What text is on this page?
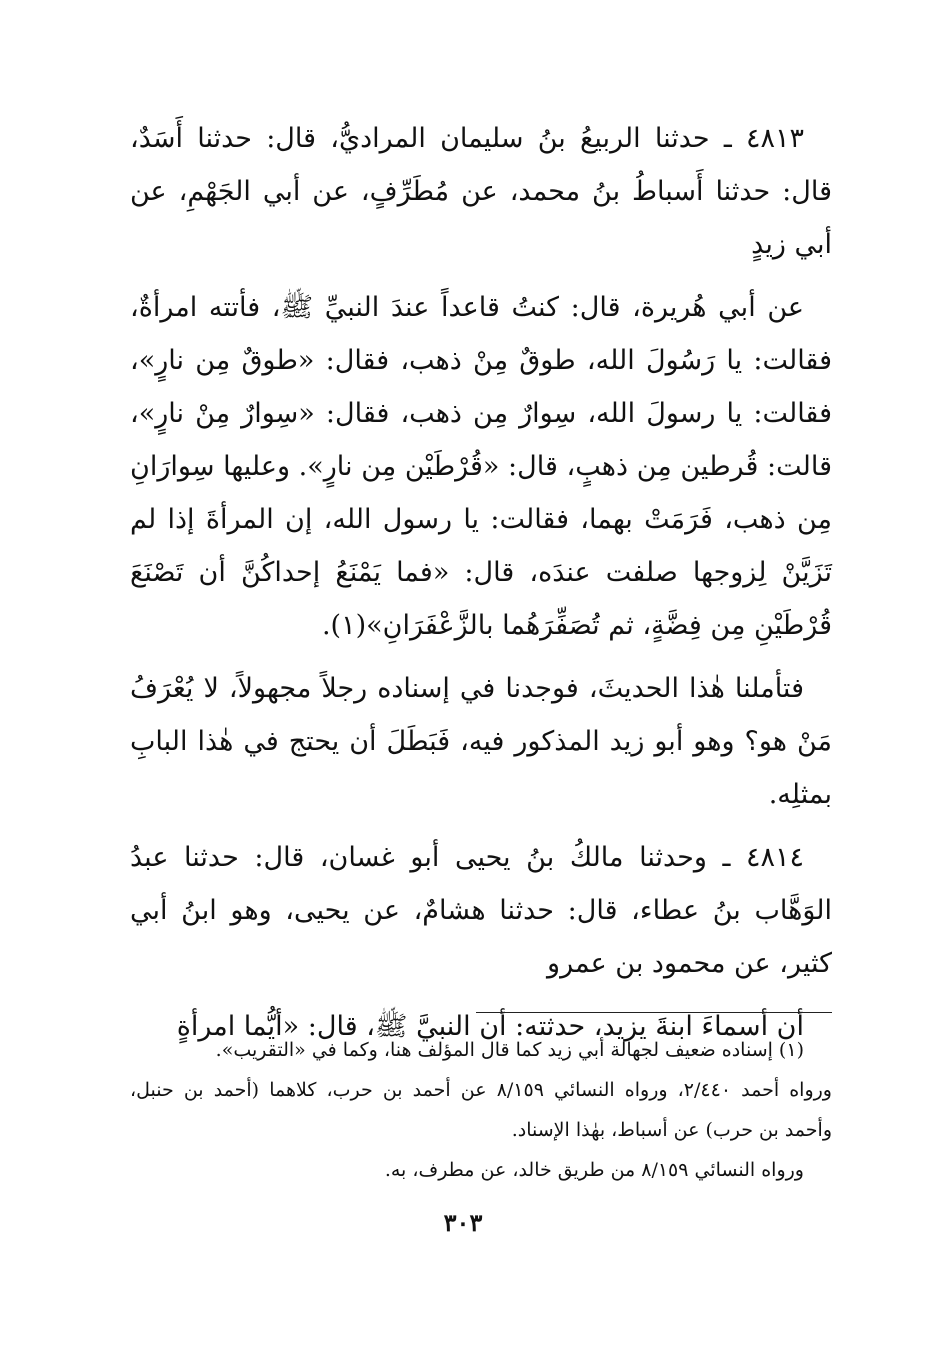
٤٨١٣ ـ حدثنا الربيعُ بنُ سليمان المراديُّ، قال: حدثنا أَسَدٌ، قال: حدثنا أَسباطُ بنُ محمد، عن مُطَرِّفٍ، عن أبي الجَهْمِ، عن أبي زيدٍ

عن أبي هُريرة، قال: كنتُ قاعداً عندَ النبيِّ ﷺ، فأتته امرأةٌ، فقالت: يا رَسُولَ الله، طوقٌ مِنْ ذهب، فقال: «طوقٌ مِن نارٍ»، فقالت: يا رسولَ الله، سِوارٌ مِن ذهب، فقال: «سِوارٌ مِنْ نارٍ»، قالت: قُرطين مِن ذهبٍ، قال: «قُرْطَيْن مِن نارٍ». وعليها سِوارَانِ مِن ذهب، فَرَمَتْ بهما، فقالت: يا رسول الله، إن المرأةَ إذا لم تَزَيَّنْ لِزوجها صلفت عندَه، قال: «فما يَمْنَعُ إحداكُنَّ أن تَصْنَعَ قُرْطَيْنِ مِن فِضَّةٍ، ثم تُصَفِّرَهُما بالزَّعْفَرَانِ»(١).

فتأملنا هٰذا الحديثَ، فوجدنا في إسناده رجلاً مجهولاً، لا يُعْرَفُ مَنْ هو؟ وهو أبو زيد المذكور فيه، فَبَطَلَ أن يحتج في هٰذا البابِ بمثلِه.

٤٨١٤ ـ وحدثنا مالكُ بنُ يحيى أبو غسان، قال: حدثنا عبدُ الوَهَّاب بنُ عطاء، قال: حدثنا هشامٌ، عن يحيى، وهو ابنُ أبي كثير، عن محمود بن عمرو

أن أسماءَ ابنةَ يزيد، حدثته: أن النبيَّ ﷺ، قال: «أيُّما امرأةٍ

(١) إسناده ضعيف لجهالة أبي زيد كما قال المؤلف هنا، وكما في «التقريب».

ورواه أحمد ٢/٤٤٠، ورواه النسائي ٨/١٥٩ عن أحمد بن حرب، كلاهما (أحمد بن حنبل، وأحمد بن حرب) عن أسباط، بهٰذا الإسناد.

ورواه النسائي ٨/١٥٩ من طريق خالد، عن مطرف، به.

٣٠٣
